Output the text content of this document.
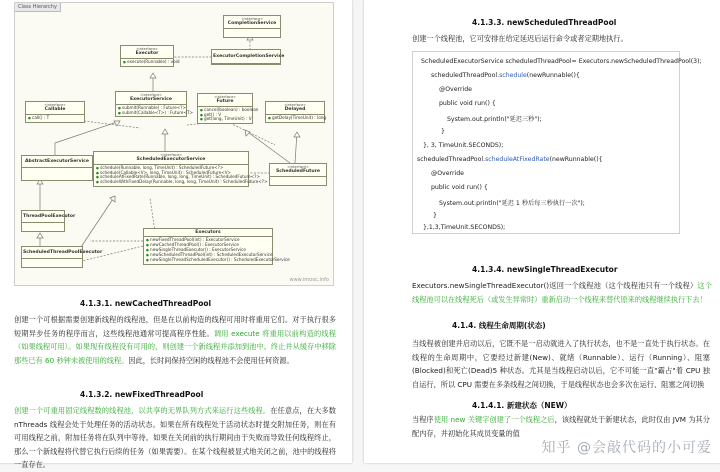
Class Hierarchy
«interface»
CompletionService
ExecutorCompletionService
«interface»
Executor
● execute(Runnable) : void
«interface»
ExecutorService
● submit(Runnable) : Future<?>
● submit(Callable<T>) : Future<T>
«interface»
Callable
● call() : T
«interface»
Future
● cancel(boolean) : boolean
● get() : V
● get(long, TimeUnit) : V
«interface»
Delayed
● getDelay(TimeUnit) : long
«interface»
ScheduledExecutorService
● schedule(Runnable, long, TimeUnit) : ScheduledFuture<?>
● schedule(Callable<V>, long, TimeUnit) : ScheduledFuture<V>
● scheduleAtFixedRate(Runnable, long, long, TimeUnit) : ScheduledFuture<?>
● scheduleWithFixedDelay(Runnable, long, long, TimeUnit) : ScheduledFuture<?>
«interface»
ScheduledFuture
AbstractExecutorService
ThreadPoolExecutor
ScheduledThreadPoolExecutor
Executors
● newFixedThreadPool(int) : ExecutorService
● newCachedThreadPool() : ExecutorService
● newSingleThreadExecutor() : ExecutorService
● newScheduledThreadPool(int) : ScheduledExecutorService
● newSingleThreadScheduledExecutor() : ScheduledExecutorService
www.imooc.info
4.1.3.1. newCachedThreadPool
创建一个可根据需要创建新线程的线程池，但是在以前构造的线程可用时将重用它们。对于执行很多短期异步任务的程序而言，这些线程池通常可提高程序性能。调用 execute 将重用以前构造的线程（如果线程可用）。如果现有线程没有可用的，则创建一个新线程并添加到池中。终止并从缓存中移除那些已有 60 秒钟未被使用的线程。因此，长时间保持空闲的线程池不会使用任何资源。
4.1.3.2. newFixedThreadPool
创建一个可重用固定线程数的线程池，以共享的无界队列方式来运行这些线程。在任意点，在大多数 nThreads 线程会处于处理任务的活动状态。如果在所有线程处于活动状态时提交附加任务，则在有可用线程之前，附加任务将在队列中等待。如果在关闭前的执行期间由于失败而导致任何线程终止，那么一个新线程将代替它执行后续的任务（如果需要）。在某个线程被显式地关闭之前，池中的线程将一直存在。
4.1.3.3. newScheduledThreadPool
创建一个线程池，它可安排在给定延迟后运行命令或者定期地执行。
ScheduledExecutorService scheduledThreadPool= Executors.newScheduledThreadPool(3);
scheduledThreadPool.schedule(newRunnable(){
@Override
public void run() {
System.out.println("延迟三秒");
}
}, 3, TimeUnit.SECONDS);
scheduledThreadPool.scheduleAtFixedRate(newRunnable(){
@Override
public void run() {
System.out.println("延迟 1 秒后每三秒执行一次");
}
},1,3,TimeUnit.SECONDS);
4.1.3.4. newSingleThreadExecutor
Executors.newSingleThreadExecutor()返回一个线程池（这个线程池只有一个线程）这个线程池可以在线程死后（或发生异常时）重新启动一个线程来替代原来的线程继续执行下去！
4.1.4. 线程生命周期(状态)
当线程被创建并启动以后，它既不是一启动就进入了执行状态，也不是一直处于执行状态。在线程的生命周期中，它要经过新建(New)、就绪（Runnable）、运行（Running）、阻塞(Blocked)和死亡(Dead)5 种状态。尤其是当线程启动以后，它不可能一直"霸占"着 CPU 独自运行，所以 CPU 需要在多条线程之间切换，于是线程状态也会多次在运行、阻塞之间切换
4.1.4.1. 新建状态（NEW）
当程序使用 new 关键字创建了一个线程之后，该线程就处于新建状态，此时仅由 JVM 为其分配内存，并初始化其成员变量的值
知乎 @会敲代码的小可爱
